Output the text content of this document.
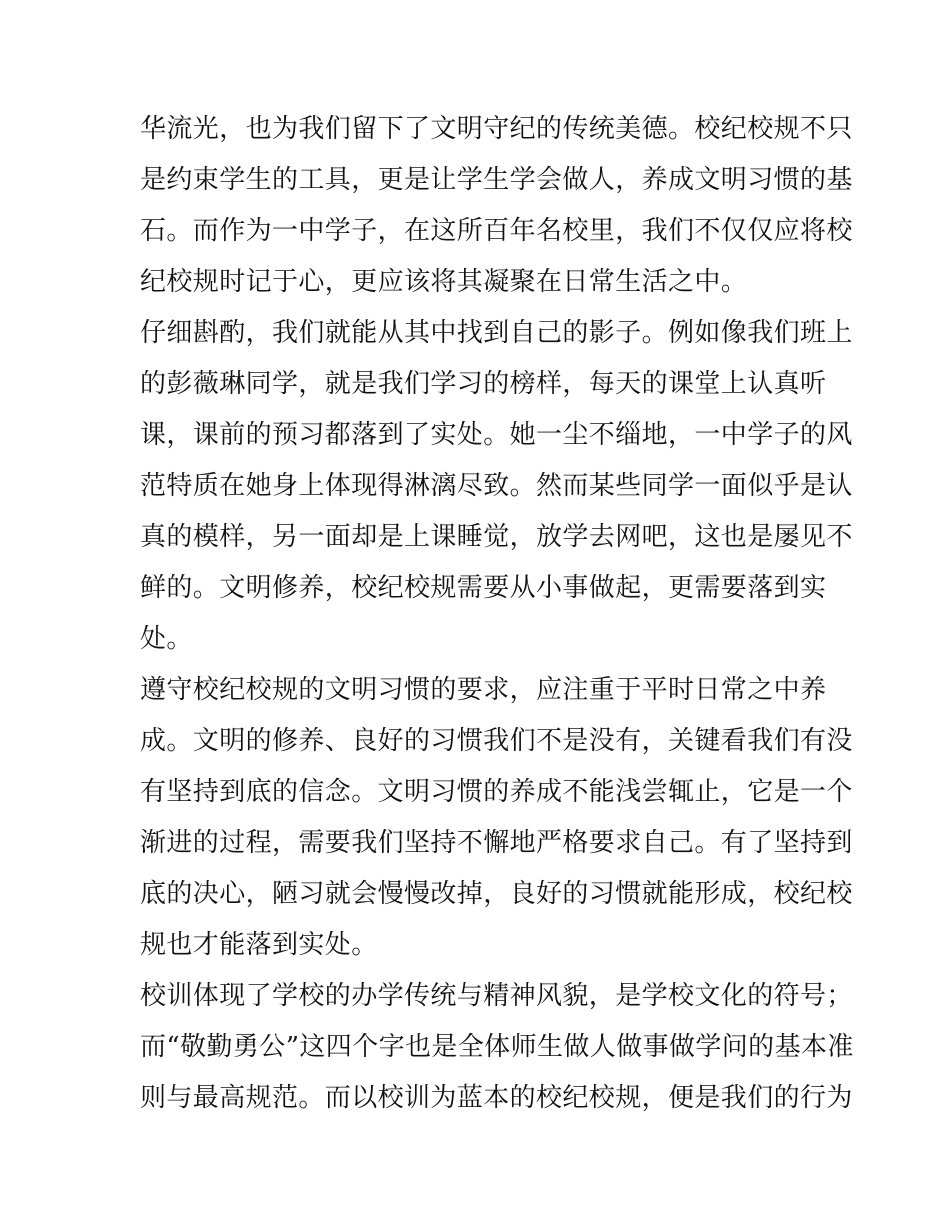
华流光，也为我们留下了文明守纪的传统美德。校纪校规不只
是约束学生的工具，更是让学生学会做人，养成文明习惯的基
石。而作为一中学子，在这所百年名校里，我们不仅仅应将校
纪校规时记于心，更应该将其凝聚在日常生活之中。
仔细斟酌，我们就能从其中找到自己的影子。例如像我们班上
的彭薇琳同学，就是我们学习的榜样，每天的课堂上认真听
课，课前的预习都落到了实处。她一尘不缁地，一中学子的风
范特质在她身上体现得淋漓尽致。然而某些同学一面似乎是认
真的模样，另一面却是上课睡觉，放学去网吧，这也是屡见不
鲜的。文明修养，校纪校规需要从小事做起，更需要落到实
处。
遵守校纪校规的文明习惯的要求，应注重于平时日常之中养
成。文明的修养、良好的习惯我们不是没有，关键看我们有没
有坚持到底的信念。文明习惯的养成不能浅尝辄止，它是一个
渐进的过程，需要我们坚持不懈地严格要求自己。有了坚持到
底的决心，陋习就会慢慢改掉，良好的习惯就能形成，校纪校
规也才能落到实处。
校训体现了学校的办学传统与精神风貌，是学校文化的符号；
而“敬勤勇公”这四个字也是全体师生做人做事做学问的基本准
则与最高规范。而以校训为蓝本的校纪校规，便是我们的行为
